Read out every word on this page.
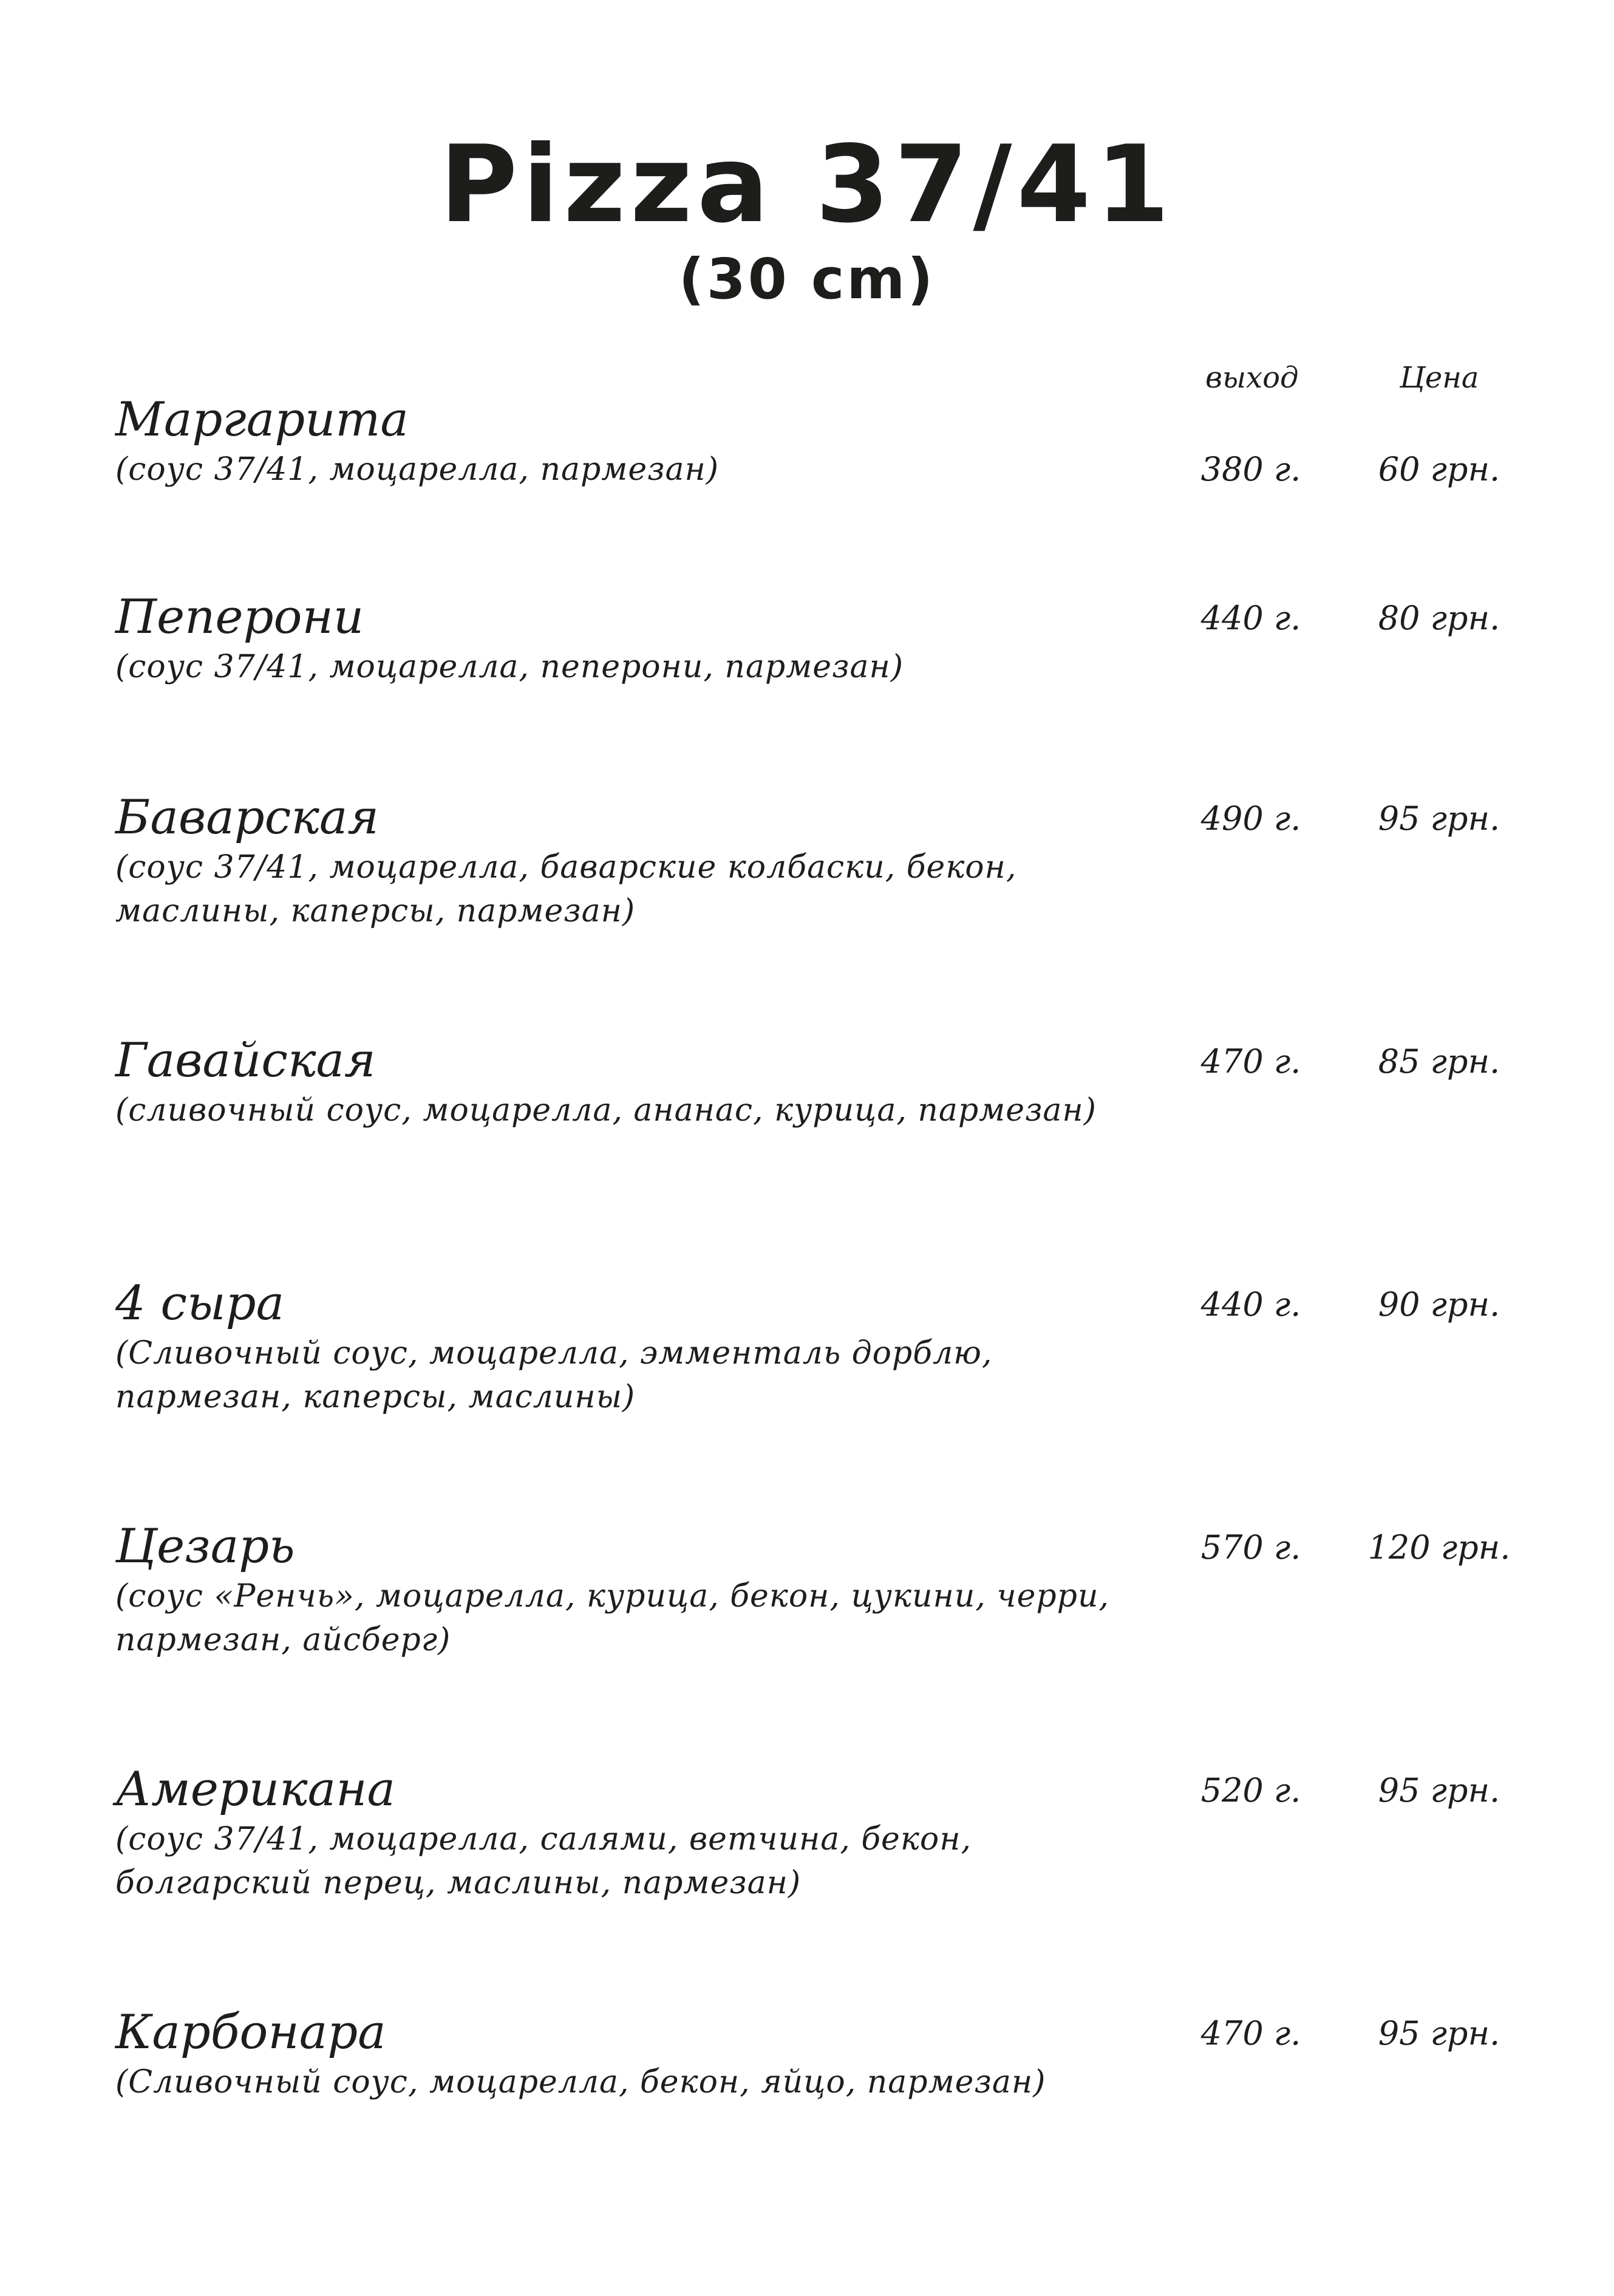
Pizza 37/41
(30 cm)
выход	Цена
Маргарита
(соус 37/41, моцарелла, пармезан)	380 г.	60 грн.
Пеперони
(соус 37/41, моцарелла, пеперони, пармезан)
440 г.	80 грн.
Баварская
(соус 37/41, моцарелла, баварские колбаски, бекон, маслины, каперсы, пармезан)
490 г.	95 грн.
Гавайская
(сливочный соус, моцарелла, ананас, курица, пармезан)
470 г.	85 грн.
4 сыра
(Сливочный соус, моцарелла, эмменталь дорблю, пармезан, каперсы, маслины)
440 г.	90 грн.
Цезарь
(соус «Ренчь», моцарелла, курица, бекон, цукини, черри, пармезан, айсберг)
570 г.	120 грн.
Американа
(соус 37/41, моцарелла, салями, ветчина, бекон, болгарский перец, маслины, пармезан)
520 г.	95 грн.
Карбонара
(Сливочный соус, моцарелла, бекон, яйцо, пармезан)
470 г.	95 грн.
